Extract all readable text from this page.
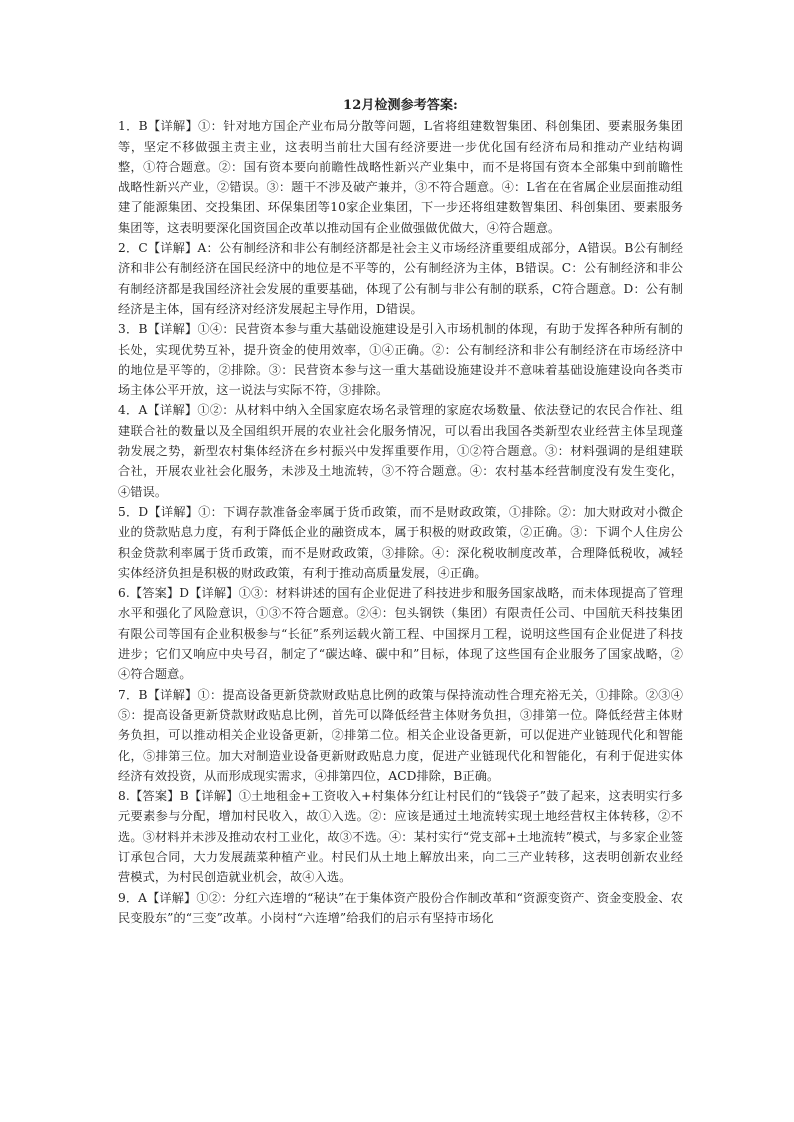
12月检测参考答案:

1．B【详解】①：针对地方国企产业布局分散等问题，L省将组建数智集团、科创集团、要素服务集团等，坚定不移做强主责主业，这表明当前壮大国有经济要进一步优化国有经济布局和推动产业结构调整，①符合题意。②：国有资本要向前瞻性战略性新兴产业集中，而不是将国有资本全部集中到前瞻性战略性新兴产业，②错误。③：题干不涉及破产兼并，③不符合题意。④：L省在在省属企业层面推动组建了能源集团、交投集团、环保集团等10家企业集团，下一步还将组建数智集团、科创集团、要素服务集团等，这表明要深化国资国企改革以推动国有企业做强做优做大，④符合题意。

2．C【详解】A：公有制经济和非公有制经济都是社会主义市场经济重要组成部分，A错误。B公有制经济和非公有制经济在国民经济中的地位是不平等的，公有制经济为主体，B错误。C：公有制经济和非公有制经济都是我国经济社会发展的重要基础，体现了公有制与非公有制的联系，C符合题意。D：公有制经济是主体，国有经济对经济发展起主导作用，D错误。

3．B【详解】①④：民营资本参与重大基础设施建设是引入市场机制的体现，有助于发挥各种所有制的长处，实现优势互补，提升资金的使用效率，①④正确。②：公有制经济和非公有制经济在市场经济中的地位是平等的，②排除。③：民营资本参与这一重大基础设施建设并不意味着基础设施建设向各类市场主体公平开放，这一说法与实际不符，③排除。

4．A【详解】①②：从材料中纳入全国家庭农场名录管理的家庭农场数量、依法登记的农民合作社、组建联合社的数量以及全国组织开展的农业社会化服务情况，可以看出我国各类新型农业经营主体呈现蓬勃发展之势，新型农村集体经济在乡村振兴中发挥重要作用，①②符合题意。③：材料强调的是组建联合社，开展农业社会化服务，未涉及土地流转，③不符合题意。④：农村基本经营制度没有发生变化，④错误。

5．D【详解】①：下调存款准备金率属于货币政策，而不是财政政策，①排除。②：加大财政对小微企业的贷款贴息力度，有利于降低企业的融资成本，属于积极的财政政策，②正确。③：下调个人住房公积金贷款利率属于货币政策，而不是财政政策，③排除。④：深化税收制度改革，合理降低税收，减轻实体经济负担是积极的财政政策，有利于推动高质量发展，④正确。

6.【答案】D【详解】①③：材料讲述的国有企业促进了科技进步和服务国家战略，而未体现提高了管理水平和强化了风险意识，①③不符合题意。②④：包头钢铁（集团）有限责任公司、中国航天科技集团有限公司等国有企业积极参与“长征”系列运载火箭工程、中国探月工程，说明这些国有企业促进了科技进步；它们又响应中央号召，制定了“碳达峰、碳中和”目标，体现了这些国有企业服务了国家战略，②④符合题意。

7．B【详解】①：提高设备更新贷款财政贴息比例的政策与保持流动性合理充裕无关，①排除。②③④⑤：提高设备更新贷款财政贴息比例，首先可以降低经营主体财务负担，③排第一位。降低经营主体财务负担，可以推动相关企业设备更新，②排第二位。相关企业设备更新，可以促进产业链现代化和智能化，⑤排第三位。加大对制造业设备更新财政贴息力度，促进产业链现代化和智能化，有利于促进实体经济有效投资，从而形成现实需求，④排第四位，ACD排除，B正确。

8.【答案】B【详解】①土地租金+工资收入+村集体分红让村民们的“钱袋子”鼓了起来，这表明实行多元要素参与分配，增加村民收入，故①入选。②：应该是通过土地流转实现土地经营权主体转移，②不选。③材料并未涉及推动农村工业化，故③不选。④：某村实行“党支部+土地流转”模式，与多家企业签订承包合同，大力发展蔬菜种植产业。村民们从土地上解放出来，向二三产业转移，这表明创新农业经营模式，为村民创造就业机会，故④入选。

9．A【详解】①②：分红六连增的“秘诀”在于集体资产股份合作制改革和“资源变资产、资金变股金、农民变股东”的“三变”改革。小岗村“六连增”给我们的启示有坚持市场化
